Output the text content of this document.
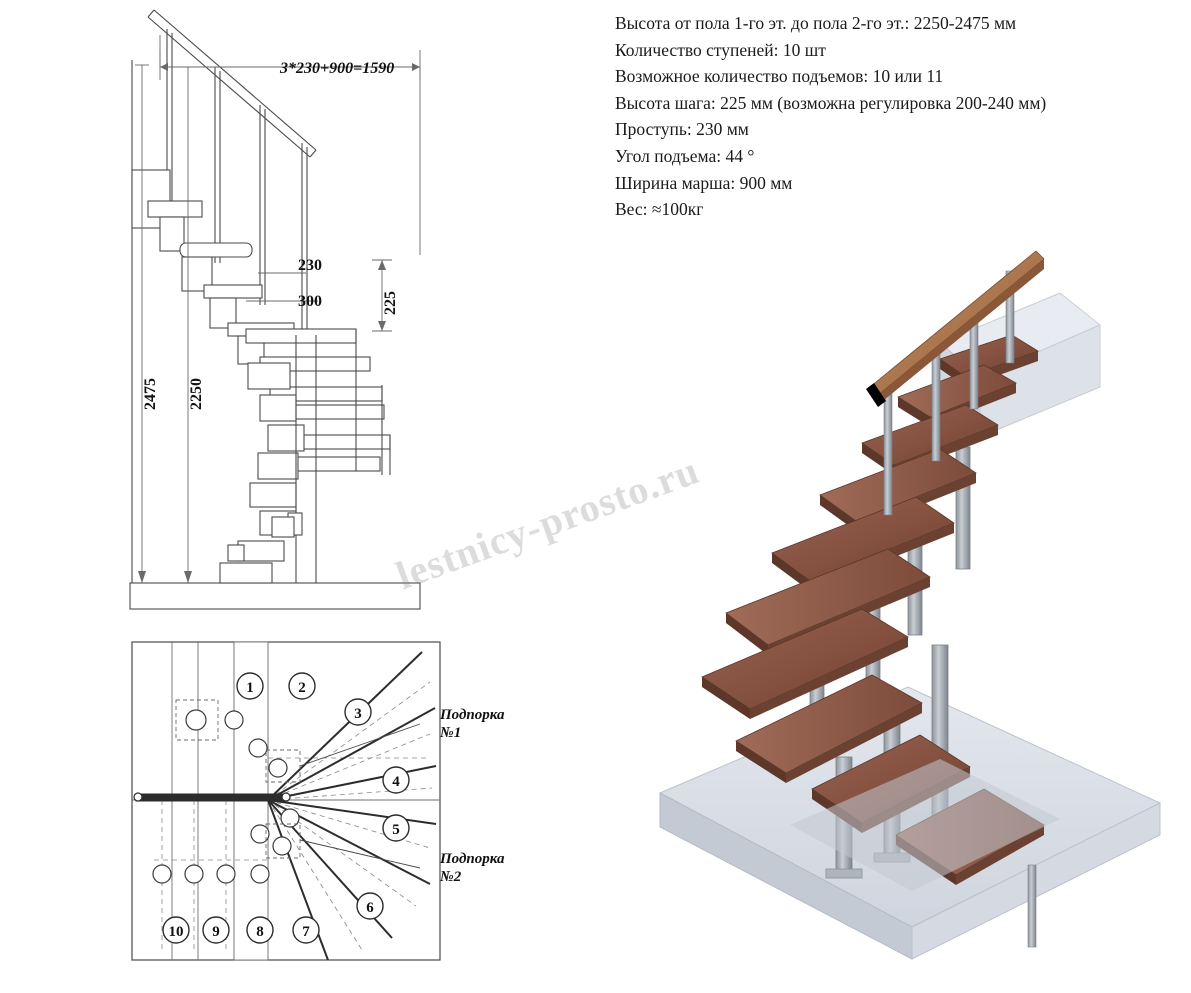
Высота от пола 1-го эт. до пола 2-го эт.: 2250-2475 мм
Количество ступеней: 10 шт
Возможное количество подъемов: 10 или 11
Высота шага: 225 мм (возможна регулировка 200-240 мм)
Проступь: 230 мм
Угол подъема: 44 °
Ширина марша: 900 мм
Вес: ≈100кг
3*230+900=1590
230
300	225
2475 2250
1	2
3
4
5
6
7
8
9
10
Подпорка
№1
Подпорка
№2
lestnicy-prosto.ru
